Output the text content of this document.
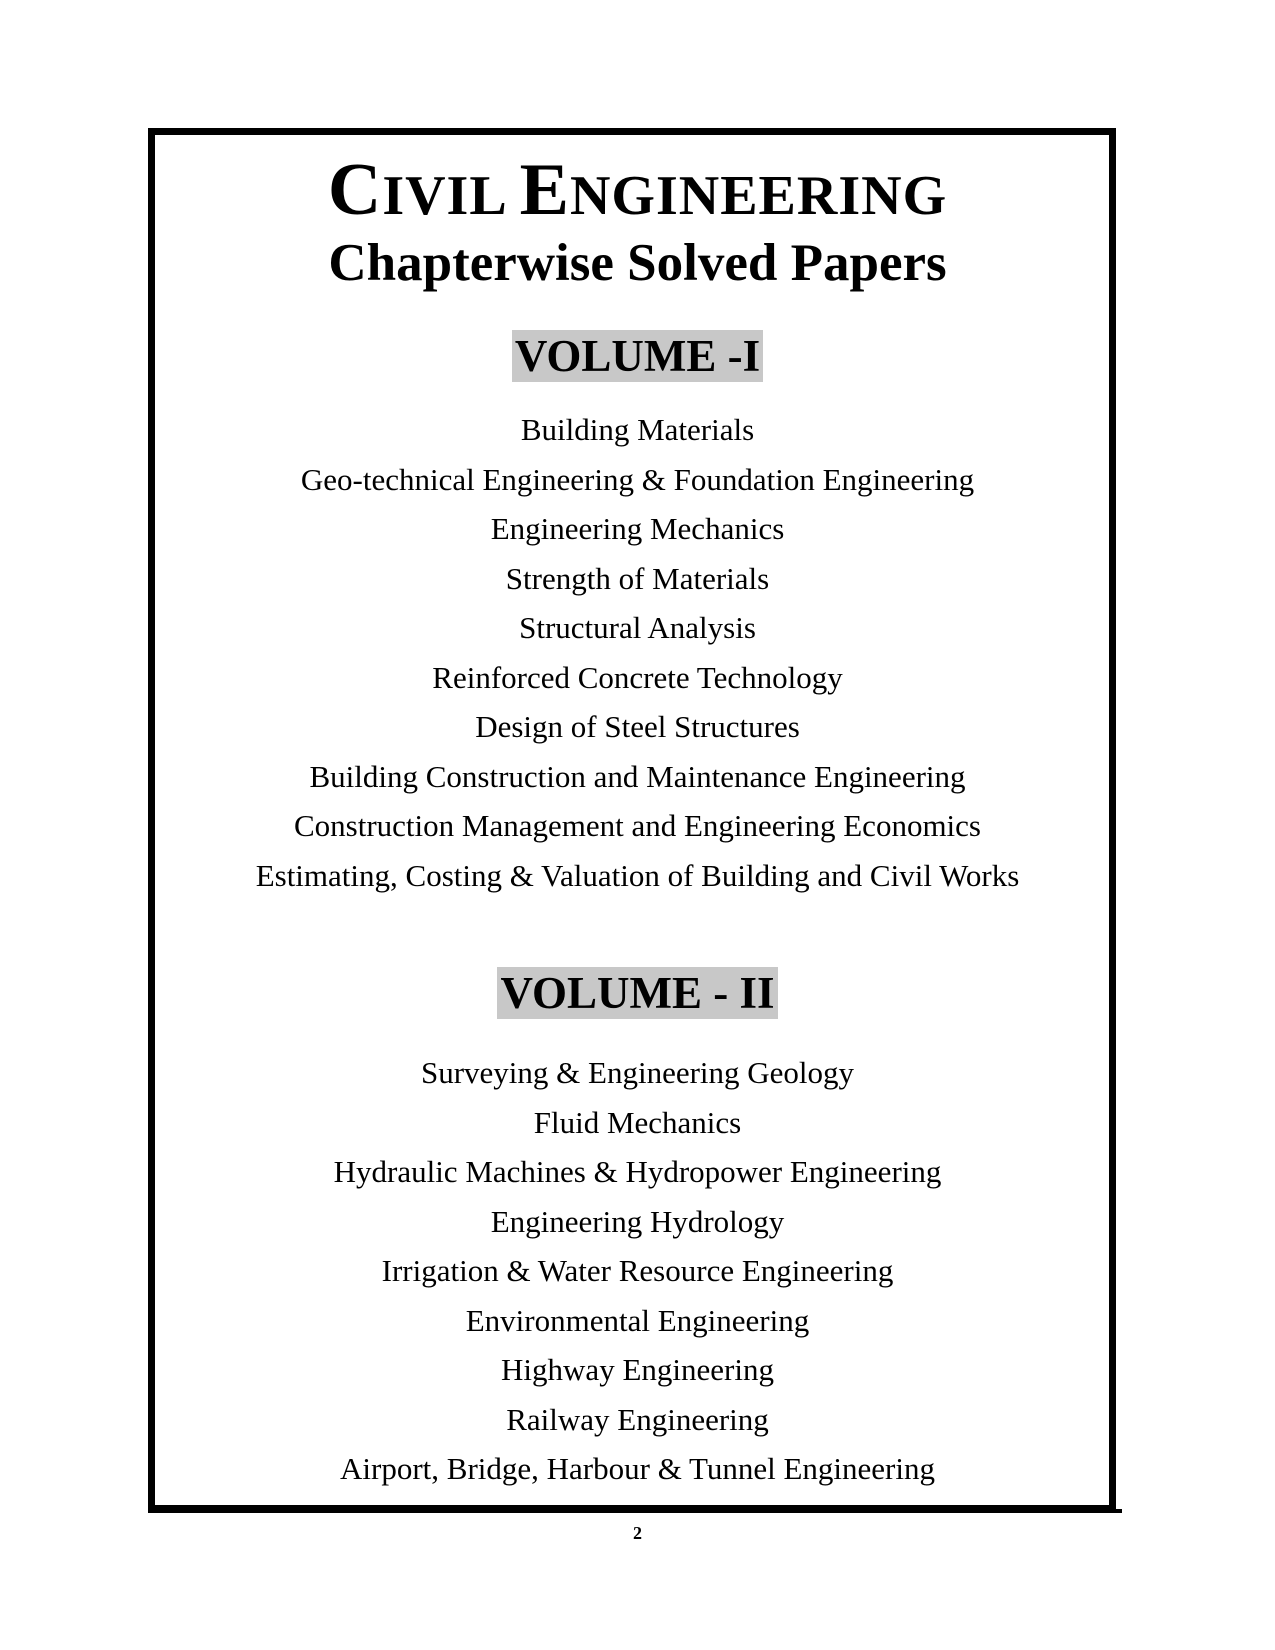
CIVIL ENGINEERING
Chapterwise Solved Papers
VOLUME -I
Building Materials
Geo-technical Engineering & Foundation Engineering
Engineering Mechanics
Strength of Materials
Structural Analysis
Reinforced Concrete Technology
Design of Steel Structures
Building Construction and Maintenance Engineering
Construction Management and Engineering Economics
Estimating, Costing & Valuation of Building and Civil Works
VOLUME - II
Surveying & Engineering Geology
Fluid Mechanics
Hydraulic Machines & Hydropower Engineering
Engineering Hydrology
Irrigation & Water Resource Engineering
Environmental Engineering
Highway Engineering
Railway Engineering
Airport, Bridge, Harbour & Tunnel Engineering
2
